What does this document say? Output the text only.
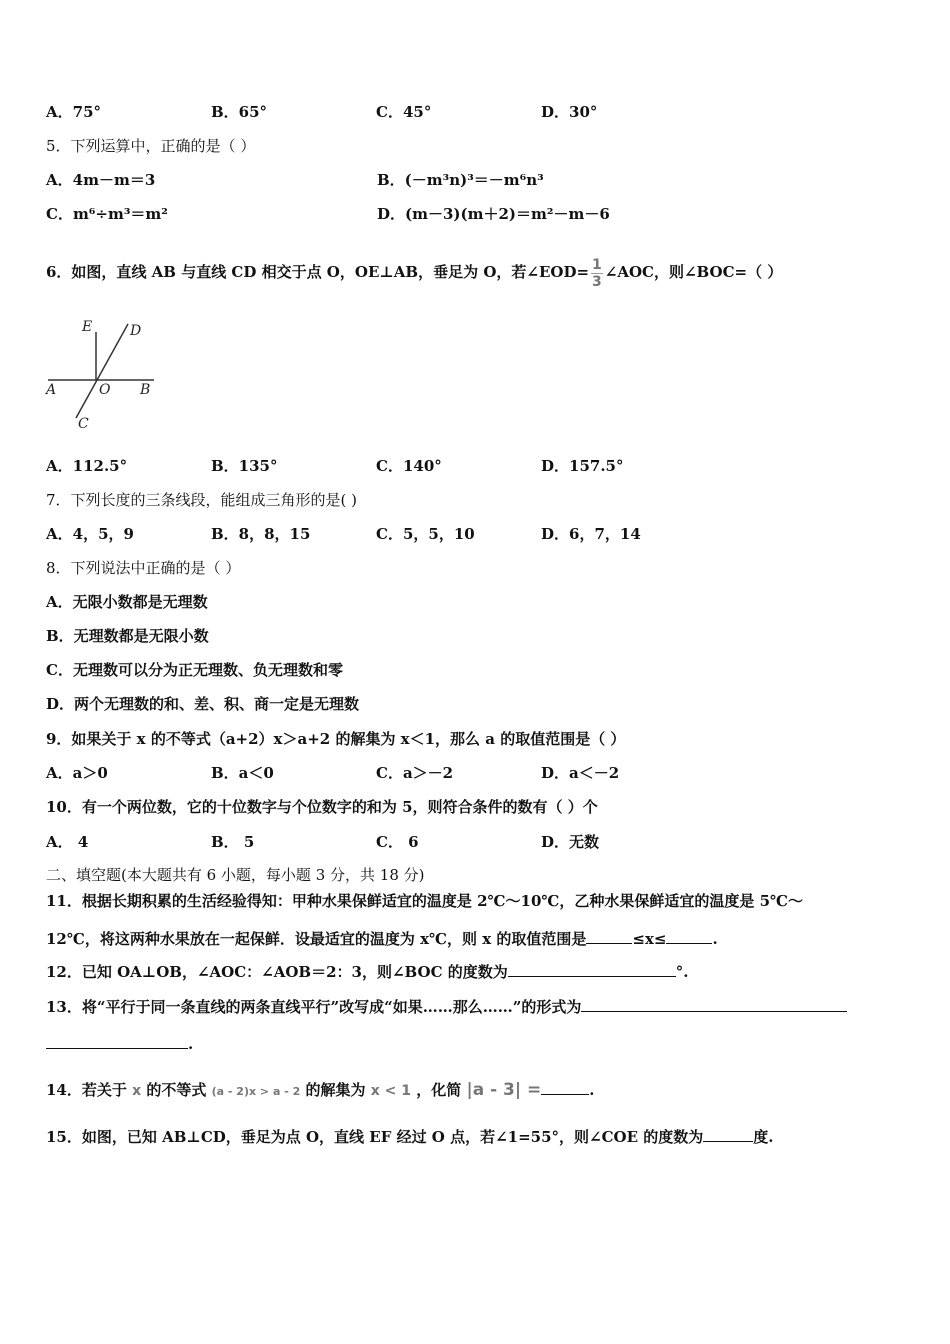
A．75°	B．65°	C．45°	D．30°
5．下列运算中，正确的是（ ）
A．4m－m＝3	B．(－m³n)³＝－m⁶n³
C．m⁶÷m³＝m²	D．(m－3)(m＋2)＝m²－m－6
6．如图，直线 AB 与直线 CD 相交于点 O，OE⊥AB，垂足为 O，若∠EOD= $\frac{1}{3}$ ∠AOC，则∠BOC=（ ）
E	D
A	O B
C
A．112.5°	B．135°	C．140°	D．157.5°
7．下列长度的三条线段，能组成三角形的是( )
A．4，5，9	B．8，8，15	C．5，5，10	D．6，7，14
8．下列说法中正确的是（ ）
A．无限小数都是无理数
B．无理数都是无限小数
C．无理数可以分为正无理数、负无理数和零
D．两个无理数的和、差、积、商一定是无理数
9．如果关于 x 的不等式（a+2）x＞a+2 的解集为 x＜1，那么 a 的取值范围是（ ）
A．a＞0	B．a＜0	C．a＞－2	D．a＜－2
10．有一个两位数，它的十位数字与个位数字的和为 5，则符合条件的数有（ ）个
A． 4	B． 5	C． 6	D．无数
二、填空题(本大题共有 6 小题，每小题 3 分，共 18 分)
11．根据长期积累的生活经验得知：甲种水果保鲜适宜的温度是 2℃～10℃，乙种水果保鲜适宜的温度是 5℃～
12℃，将这两种水果放在一起保鲜．设最适宜的温度为 x℃，则 x 的取值范围是	≤x≤	.
12．已知 OA⊥OB，∠AOC：∠AOB＝2：3，则∠BOC 的度数为	°.
13．将“平行于同一条直线的两条直线平行”改写成“如果……那么……”的形式为
.
14．若关于 x 的不等式 (a - 2)x > a - 2 的解集为 x < 1 ，化简 |a - 3| =	.
15．如图，已知 AB⊥CD，垂足为点 O，直线 EF 经过 O 点，若∠1=55°，则∠COE 的度数为	度.
